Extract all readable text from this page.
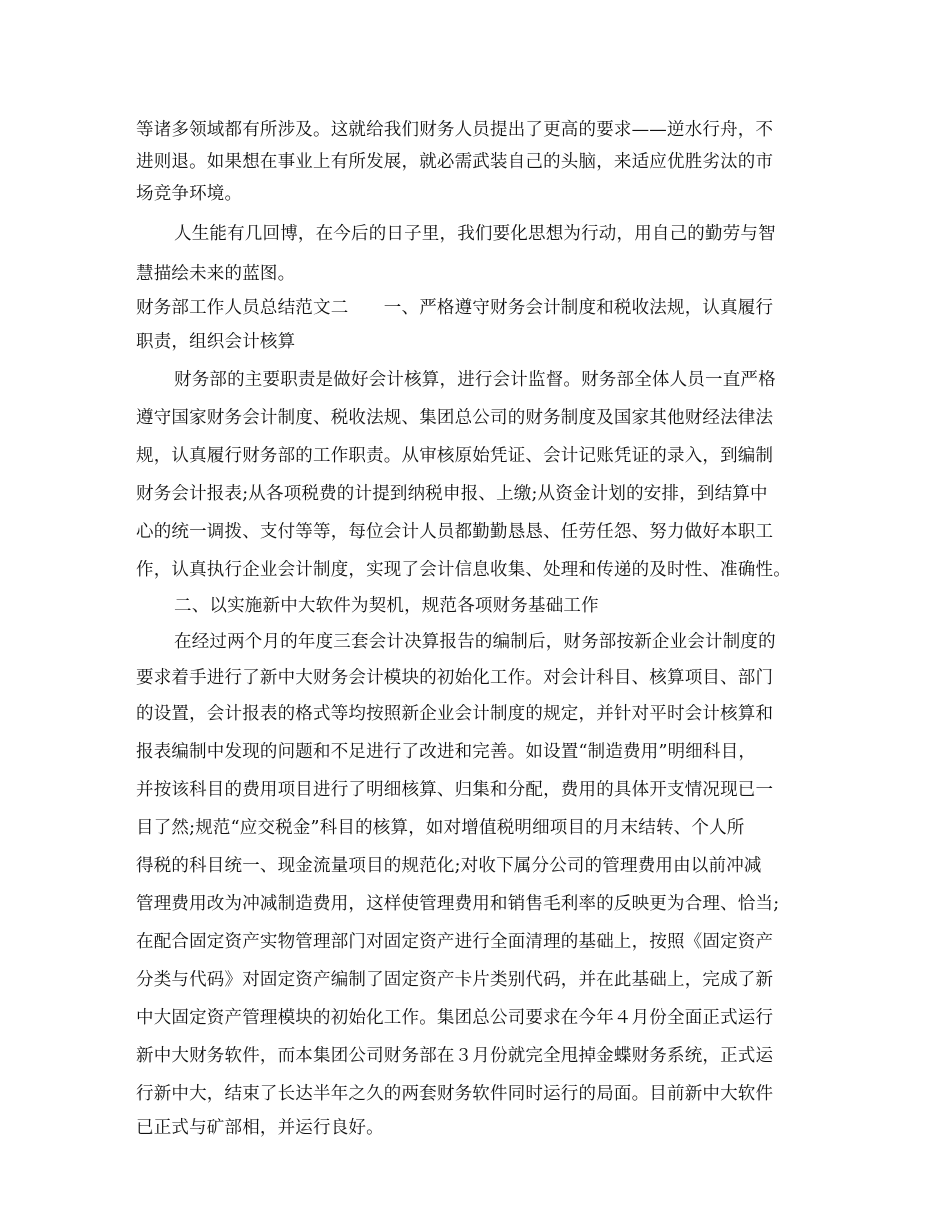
等诸多领域都有所涉及。这就给我们财务人员提出了更高的要求——逆水行舟，不
进则退。如果想在事业上有所发展，就必需武装自己的头脑，来适应优胜劣汰的市
场竞争环境。
人生能有几回博，在今后的日子里，我们要化思想为行动，用自己的勤劳与智
慧描绘未来的蓝图。
财务部工作人员总结范文二　　一、严格遵守财务会计制度和税收法规，认真履行
职责，组织会计核算
财务部的主要职责是做好会计核算，进行会计监督。财务部全体人员一直严格
遵守国家财务会计制度、税收法规、集团总公司的财务制度及国家其他财经法律法
规，认真履行财务部的工作职责。从审核原始凭证、会计记账凭证的录入，到编制
财务会计报表;从各项税费的计提到纳税申报、上缴;从资金计划的安排，到结算中
心的统一调拨、支付等等，每位会计人员都勤勤恳恳、任劳任怨、努力做好本职工
作，认真执行企业会计制度，实现了会计信息收集、处理和传递的及时性、准确性。
二、以实施新中大软件为契机，规范各项财务基础工作
在经过两个月的年度三套会计决算报告的编制后，财务部按新企业会计制度的
要求着手进行了新中大财务会计模块的初始化工作。对会计科目、核算项目、部门
的设置，会计报表的格式等均按照新企业会计制度的规定，并针对平时会计核算和
报表编制中发现的问题和不足进行了改进和完善。如设置“制造费用”明细科目，
并按该科目的费用项目进行了明细核算、归集和分配，费用的具体开支情况现已一
目了然;规范“应交税金”科目的核算，如对增值税明细项目的月末结转、个人所
得税的科目统一、现金流量项目的规范化;对收下属分公司的管理费用由以前冲减
管理费用改为冲减制造费用，这样使管理费用和销售毛利率的反映更为合理、恰当;
在配合固定资产实物管理部门对固定资产进行全面清理的基础上，按照《固定资产
分类与代码》对固定资产编制了固定资产卡片类别代码，并在此基础上，完成了新
中大固定资产管理模块的初始化工作。集团总公司要求在今年４月份全面正式运行
新中大财务软件，而本集团公司财务部在３月份就完全甩掉金蝶财务系统，正式运
行新中大，结束了长达半年之久的两套财务软件同时运行的局面。目前新中大软件
已正式与矿部相，并运行良好。
